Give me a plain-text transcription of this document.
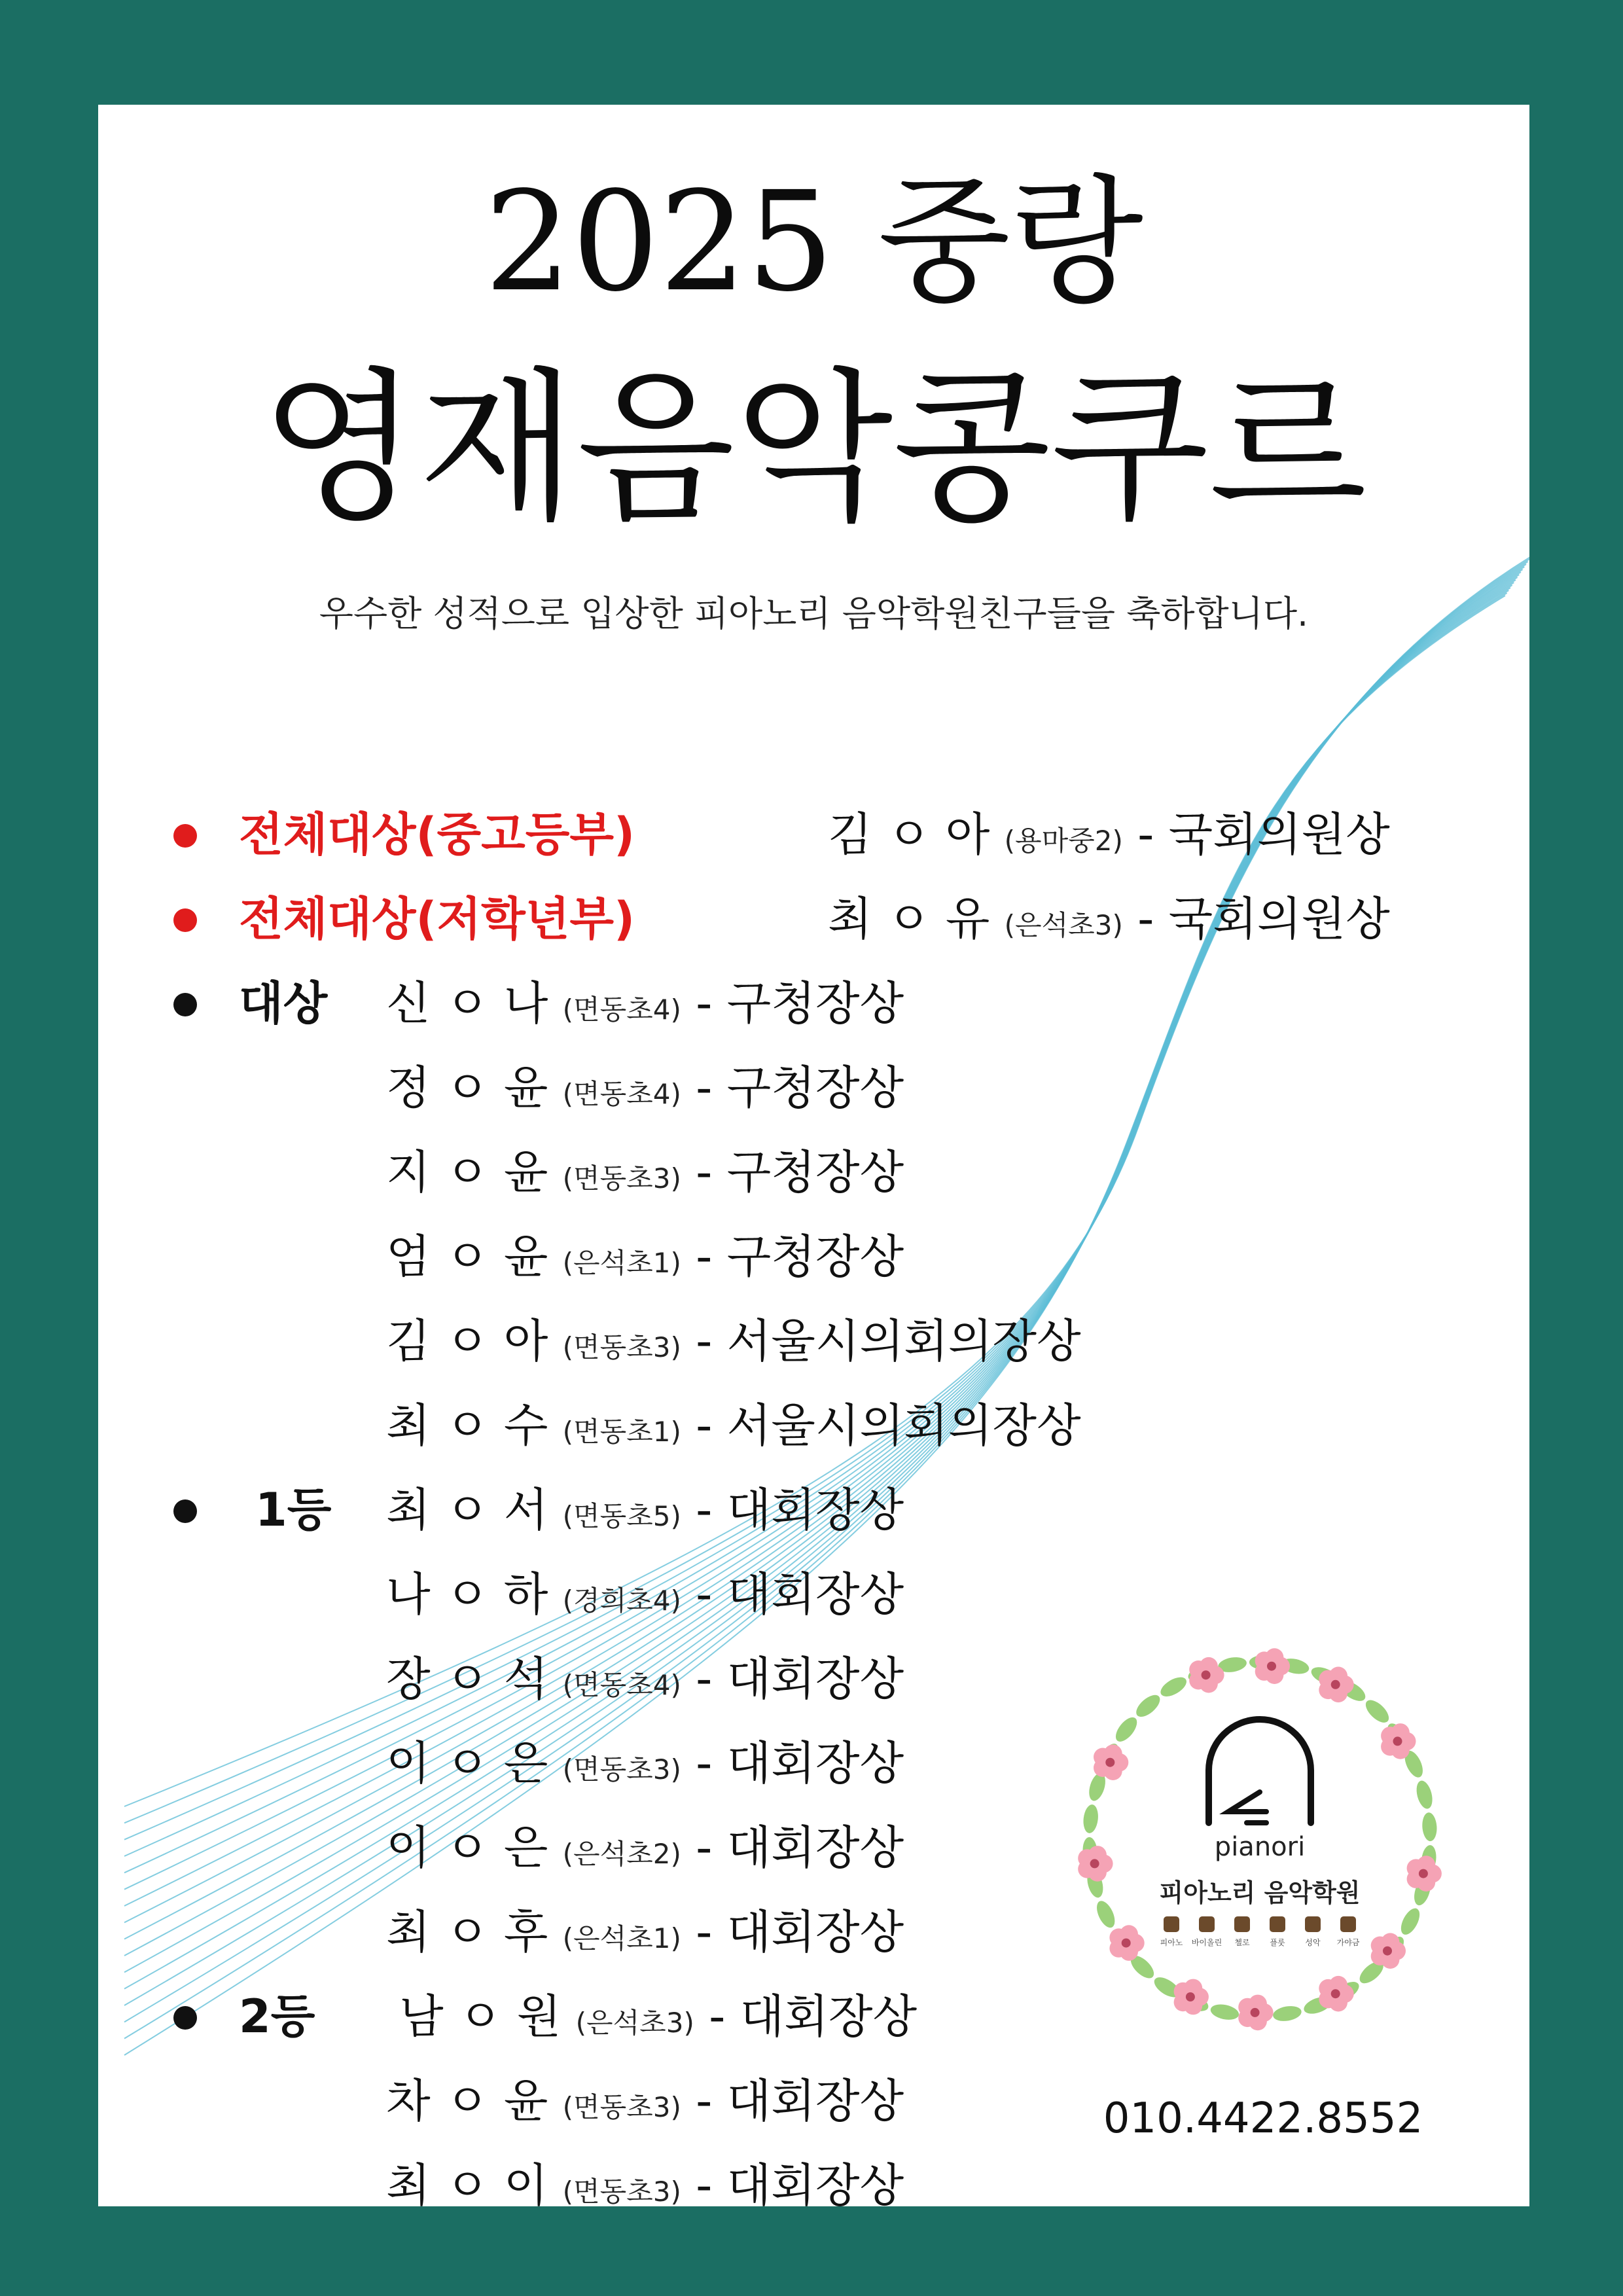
2025 중랑
영재음악콩쿠르
우수한 성적으로 입상한 피아노리 음악학원친구들을 축하합니다.
전체대상(중고등부)	김 ㅇ 아 (용마중2) - 국회의원상
전체대상(저학년부)	최 ㅇ 유 (은석초3) - 국회의원상
대상 신 ㅇ 나 (면동초4) - 구청장상
정 ㅇ 윤 (면동초4) - 구청장상
지 ㅇ 윤 (면동초3) - 구청장상
엄 ㅇ 윤 (은석초1) - 구청장상
김 ㅇ 아 (면동초3) - 서울시의회의장상
최 ㅇ 수 (면동초1) - 서울시의회의장상
1등 최 ㅇ 서 (면동초5) - 대회장상
나 ㅇ 하 (경희초4) - 대회장상
장 ㅇ 석 (면동초4) - 대회장상
이 ㅇ 은 (면동초3) - 대회장상
이 ㅇ 은 (은석초2) - 대회장상
최 ㅇ 후 (은석초1) - 대회장상
2등 남 ㅇ 원 (은석초3) - 대회장상
차 ㅇ 윤 (면동초3) - 대회장상
최 ㅇ 이 (면동초3) - 대회장상
pianori
피아노리 음악학원
피아노 바이올린 첼로	플룻	성악 가야금
010.4422.8552
